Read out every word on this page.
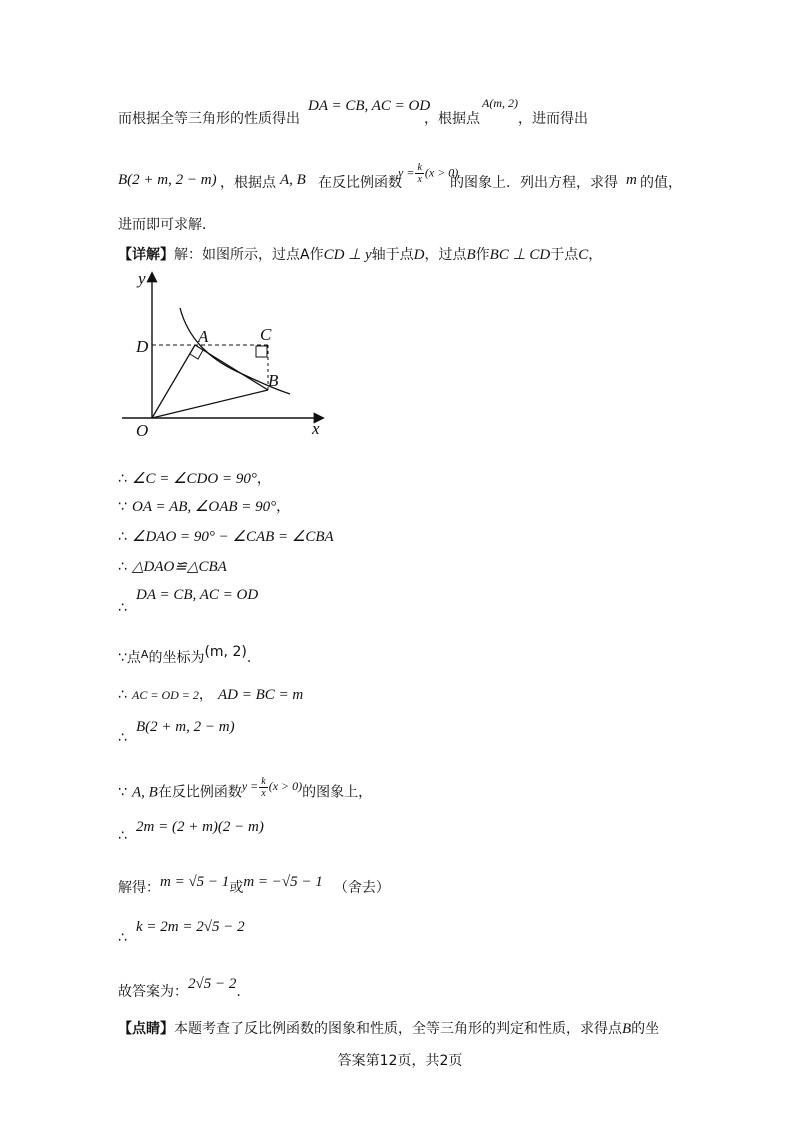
而根据全等三角形的性质得出
DA = CB, AC = OD
，根据点
A(m, 2)
，进而得出
B(2 + m, 2 − m) ，根据点 A, B 在反比例函数
$y = \frac{k}{x} (x > 0)$
的图象上．列出方程，求得 m 的值，
进而即可求解．
【详解】解：如图所示，过点A作CD ⊥ y轴于点D，过点B作BC ⊥ CD于点C，
y
x
O
D
A	C
B
∴ ∠C = ∠CDO = 90°，
∵ OA = AB, ∠OAB = 90°，
∴ ∠DAO = 90° − ∠CAB = ∠CBA
∴ △DAO≌△CBA
DA = CB, AC = OD
∴
∵点$^A$的坐标为(m, 2).
∴ AC = OD = 2， AD = BC = m
B(2 + m, 2 − m)
∴
∵ A, B在反比例函数$^{y = \frac{k}{x} (x > 0)}$的图象上，
2m = (2 + m)(2 − m)
∴
解得：m = √5 − 1或m = −√5 − 1 （舍去）
k = 2m = 2√5 − 2
∴
故答案为：2√5 − 2.
【点睛】本题考查了反比例函数的图象和性质，全等三角形的判定和性质，求得点B的坐
答案第12页，共2页
